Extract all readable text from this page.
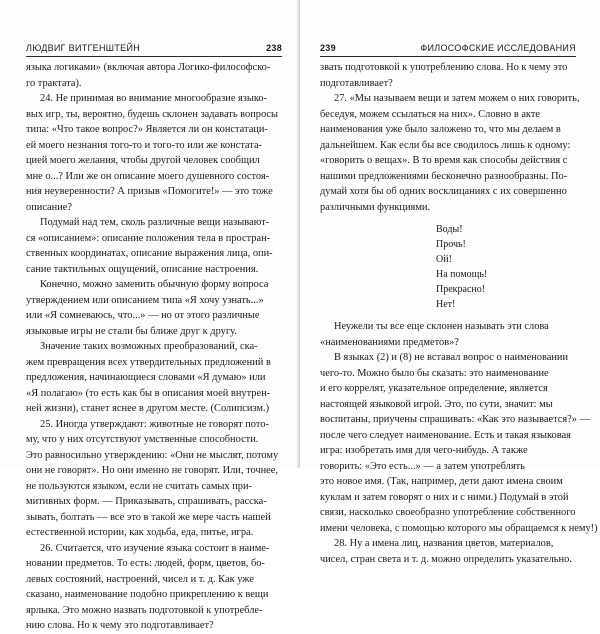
ЛЮДВИГ ВИТГЕНШТЕЙН	238
языка логиками» (включая автора Логико-философско-
го трактата).
24. Не принимая во внимание многообразие языко-
вых игр, ты, вероятно, будешь склонен задавать вопросы
типа: «Что такое вопрос?» Является ли он констатаци-
ей моего незнания того-то и того-то или же констата-
цией моего желания, чтобы другой человек сообщил
мне о...? Или же он описание моего душевного состоя-
ния неуверенности? А призыв «Помогите!» — это тоже
описание?
Подумай над тем, сколь различные вещи называют-
ся «описанием»: описание положения тела в простран-
ственных координатах, описание выражения лица, опи-
сание тактильных ощущений, описание настроения.
Конечно, можно заменить обычную форму вопроса
утверждением или описанием типа «Я хочу узнать...»
или «Я сомневаюсь, что...» — но от этого различные
языковые игры не стали бы ближе друг к другу.
Значение таких возможных преобразований, ска-
жем превращения всех утвердительных предложений в
предложения, начинающиеся словами «Я думаю» или
«Я полагаю» (то есть как бы в описания моей внутрен-
ней жизни), станет яснее в другом месте. (Солипсизм.)
25. Иногда утверждают: животные не говорят пото-
му, что у них отсутствуют умственные способности.
Это равносильно утверждению: «Они не мыслят, потому
они не говорят». Но они именно не говорят. Или, точнее,
не пользуются языком, если не считать самых при-
митивных форм. — Приказывать, спрашивать, расска-
зывать, болтать — все это в такой же мере часть нашей
естественной истории, как ходьба, еда, питье, игра.
26. Считается, что изучение языка состоит в наиме-
новании предметов. То есть: людей, форм, цветов, бо-
левых состояний, настроений, чисел и т. д. Как уже
сказано, наименование подобно прикреплению к вещи
ярлыка. Это можно назвать подготовкой к употребле-
нию слова. Но к чему это подготавливает?
239	ФИЛОСОФСКИЕ ИССЛЕДОВАНИЯ
звать подготовкой к употреблению слова. Но к чему это
подготавливает?
27. «Мы называем вещи и затем можем о них говорить,
беседуя, можем ссылаться на них». Словно в акте
наименования уже было заложено то, что мы делаем в
дальнейшем. Как если бы все сводилось лишь к одному:
«говорить о вещах». В то время как способы действия с
нашими предложениями бесконечно разнообразны. По-
думай хотя бы об одних восклицаниях с их совершенно
различными функциями.
Воды!
Прочь!
Ой!
На помощь!
Прекрасно!
Нет!
Неужели ты все еще склонен называть эти слова
«наименованиями предметов»?
В языках (2) и (8) не вставал вопрос о наименовании
чего-то. Можно было бы сказать: это наименование
и его коррелят, указательное определение, является
настоящей языковой игрой. Это, по сути, значит: мы
воспитаны, приучены спрашивать: «Как это называется?» —
после чего следует наименование. Есть и такая языковая
игра: изобретать имя для чего-нибудь. А также
говорить: «Это есть...» — а затем употреблять
это новое имя. (Так, например, дети дают имена своим
куклам и затем говорят о них и с ними.) Подумай в этой
связи, насколько своеобразно употребление собственного
имени человека, с помощью которого мы обращаемся к нему!)
28. Ну а имена лиц, названия цветов, материалов,
чисел, стран света и т. д. можно определить указательно.
